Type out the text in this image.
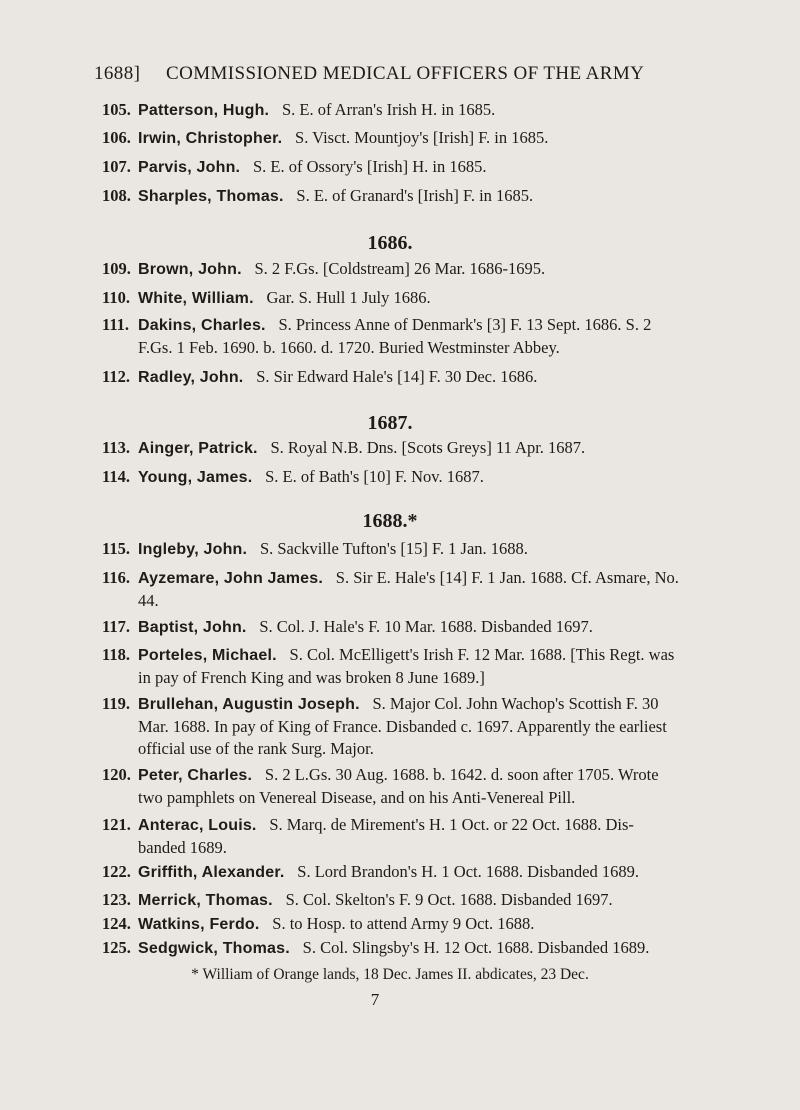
1688] COMMISSIONED MEDICAL OFFICERS OF THE ARMY
105. Patterson, Hugh. S. E. of Arran's Irish H. in 1685.
106. Irwin, Christopher. S. Visct. Mountjoy's [Irish] F. in 1685.
107. Parvis, John. S. E. of Ossory's [Irish] H. in 1685.
108. Sharples, Thomas. S. E. of Granard's [Irish] F. in 1685.
1686.
109. Brown, John. S. 2 F.Gs. [Coldstream] 26 Mar. 1686-1695.
110. White, William. Gar. S. Hull 1 July 1686.
111. Dakins, Charles. S. Princess Anne of Denmark's [3] F. 13 Sept. 1686. S. 2 F.Gs. 1 Feb. 1690. b. 1660. d. 1720. Buried Westminster Abbey.
112. Radley, John. S. Sir Edward Hale's [14] F. 30 Dec. 1686.
1687.
113. Ainger, Patrick. S. Royal N.B. Dns. [Scots Greys] 11 Apr. 1687.
114. Young, James. S. E. of Bath's [10] F. Nov. 1687.
1688.*
115. Ingleby, John. S. Sackville Tufton's [15] F. 1 Jan. 1688.
116. Ayzemare, John James. S. Sir E. Hale's [14] F. 1 Jan. 1688. Cf. Asmare, No. 44.
117. Baptist, John. S. Col. J. Hale's F. 10 Mar. 1688. Disbanded 1697.
118. Porteles, Michael. S. Col. McElligett's Irish F. 12 Mar. 1688. [This Regt. was in pay of French King and was broken 8 June 1689.]
119. Brullehan, Augustin Joseph. S. Major Col. John Wachop's Scottish F. 30 Mar. 1688. In pay of King of France. Disbanded c. 1697. Apparently the earliest official use of the rank Surg. Major.
120. Peter, Charles. S. 2 L.Gs. 30 Aug. 1688. b. 1642. d. soon after 1705. Wrote two pamphlets on Venereal Disease, and on his Anti-Venereal Pill.
121. Anterac, Louis. S. Marq. de Mirement's H. 1 Oct. or 22 Oct. 1688. Dis- banded 1689.
122. Griffith, Alexander. S. Lord Brandon's H. 1 Oct. 1688. Disbanded 1689.
123. Merrick, Thomas. S. Col. Skelton's F. 9 Oct. 1688. Disbanded 1697.
124. Watkins, Ferdo. S. to Hosp. to attend Army 9 Oct. 1688.
125. Sedgwick, Thomas. S. Col. Slingsby's H. 12 Oct. 1688. Disbanded 1689.
* William of Orange lands, 18 Dec. James II. abdicates, 23 Dec.
7
